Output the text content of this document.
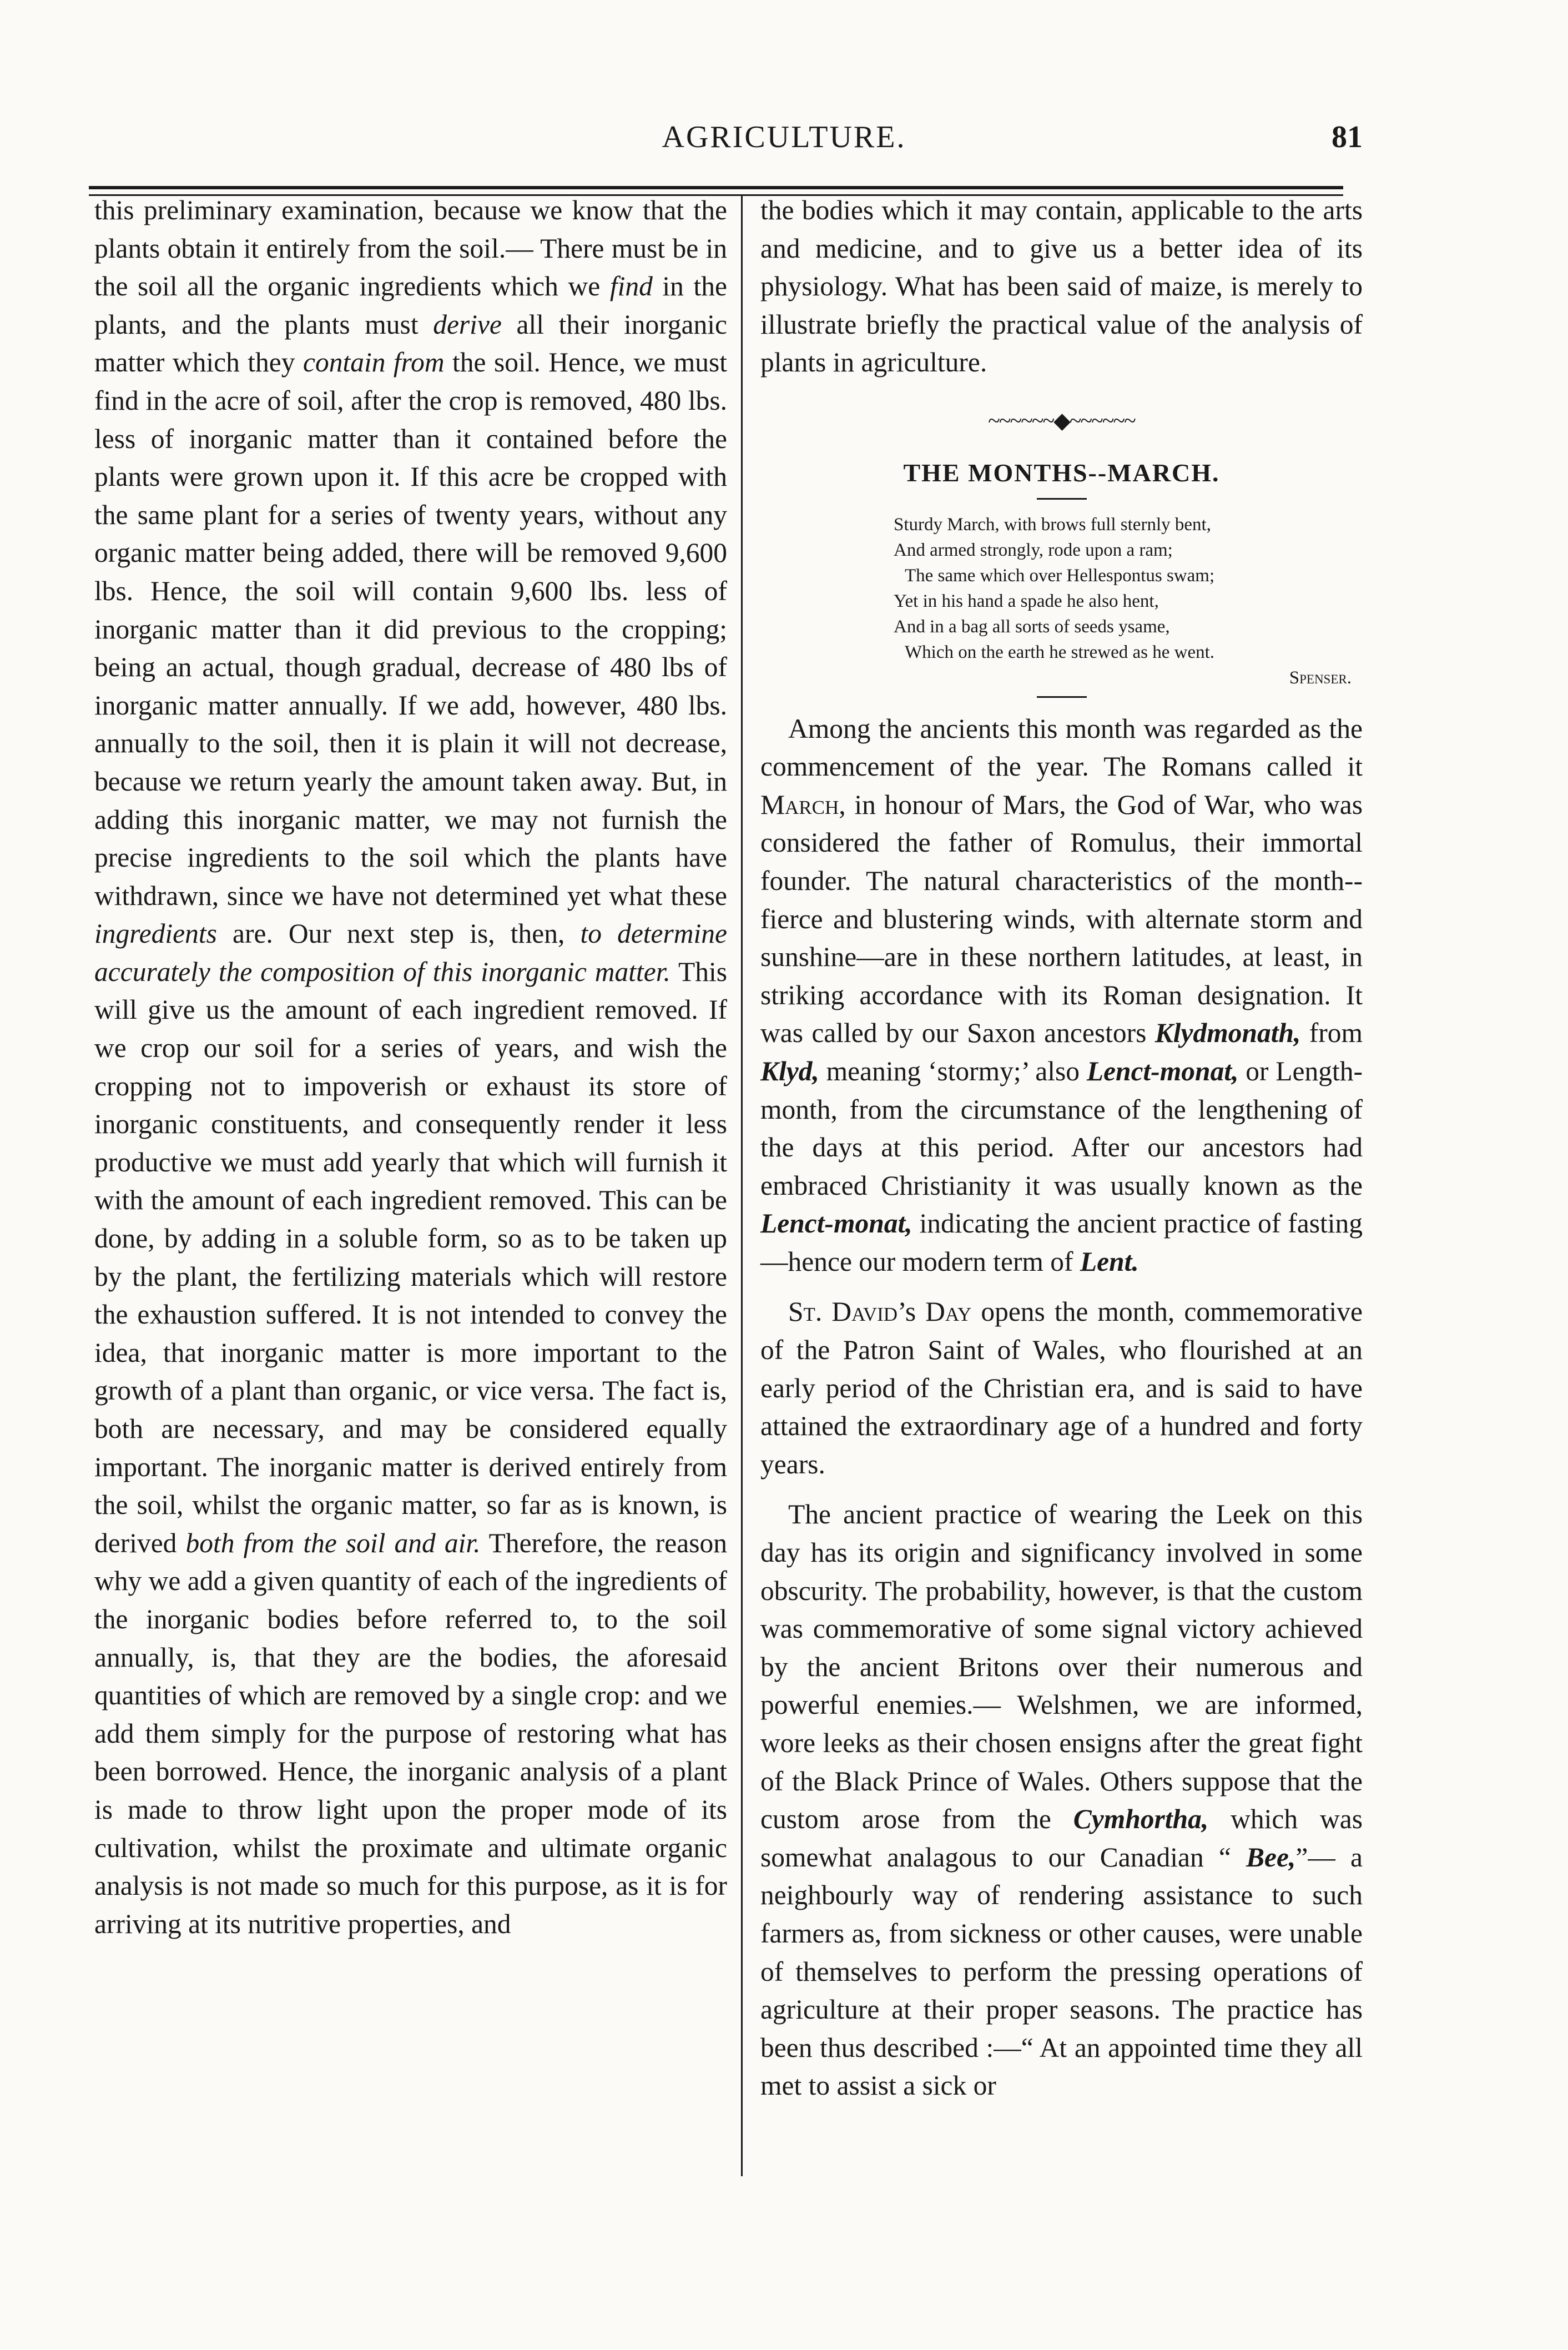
AGRICULTURE.	81

this preliminary examination, because we know that the plants obtain it entirely from the soil.— There must be in the soil all the organic ingredients which we find in the plants, and the plants must derive all their inorganic matter which they contain from the soil. Hence, we must find in the acre of soil, after the crop is removed, 480 lbs. less of inorganic matter than it contained before the plants were grown upon it. If this acre be cropped with the same plant for a series of twenty years, without any organic matter being added, there will be removed 9,600 lbs. Hence, the soil will contain 9,600 lbs. less of inorganic matter than it did previous to the cropping; being an actual, though gradual, decrease of 480 lbs of inorganic matter annually. If we add, however, 480 lbs. annually to the soil, then it is plain it will not decrease, because we return yearly the amount taken away. But, in adding this inorganic matter, we may not furnish the precise ingredients to the soil which the plants have withdrawn, since we have not determined yet what these ingredients are. Our next step is, then, to determine accurately the composition of this inorganic matter. This will give us the amount of each ingredient removed. If we crop our soil for a series of years, and wish the cropping not to impoverish or exhaust its store of inorganic constituents, and consequently render it less productive we must add yearly that which will furnish it with the amount of each ingredient removed. This can be done, by adding in a soluble form, so as to be taken up by the plant, the fertilizing materials which will restore the exhaustion suffered. It is not intended to convey the idea, that inorganic matter is more important to the growth of a plant than organic, or vice versa. The fact is, both are necessary, and may be considered equally important. The inorganic matter is derived entirely from the soil, whilst the organic matter, so far as is known, is derived both from the soil and air. Therefore, the reason why we add a given quantity of each of the ingredients of the inorganic bodies before referred to, to the soil annually, is, that they are the bodies, the aforesaid quantities of which are removed by a single crop: and we add them simply for the purpose of restoring what has been borrowed. Hence, the inorganic analysis of a plant is made to throw light upon the proper mode of its cultivation, whilst the proximate and ultimate organic analysis is not made so much for this purpose, as it is for arriving at its nutritive properties, and

the bodies which it may contain, applicable to the arts and medicine, and to give us a better idea of its physiology. What has been said of maize, is merely to illustrate briefly the practical value of the analysis of plants in agriculture.

~~~~~~◆~~~~~~
THE MONTHS--MARCH.
Sturdy March, with brows full sternly bent,
And armed strongly, rode upon a ram;
The same which over Hellespontus swam;
Yet in his hand a spade he also hent,
And in a bag all sorts of seeds ysame,
Which on the earth he strewed as he went.
Spenser.

Among the ancients this month was regarded as the commencement of the year. The Romans called it March, in honour of Mars, the God of War, who was considered the father of Romulus, their immortal founder. The natural characteristics of the month--fierce and blustering winds, with alternate storm and sunshine—are in these northern latitudes, at least, in striking accordance with its Roman designation. It was called by our Saxon ancestors Klydmonath, from Klyd, meaning ‘stormy;’ also Lenct-monat, or Length-month, from the circumstance of the lengthening of the days at this period. After our ancestors had embraced Christianity it was usually known as the Lenct-monat, indicating the ancient practice of fasting—hence our modern term of Lent.

St. David’s Day opens the month, commemorative of the Patron Saint of Wales, who flourished at an early period of the Christian era, and is said to have attained the extraordinary age of a hundred and forty years.

The ancient practice of wearing the Leek on this day has its origin and significancy involved in some obscurity. The probability, however, is that the custom was commemorative of some signal victory achieved by the ancient Britons over their numerous and powerful enemies.— Welshmen, we are informed, wore leeks as their chosen ensigns after the great fight of the Black Prince of Wales. Others suppose that the custom arose from the Cymhortha, which was somewhat analagous to our Canadian “ Bee,”— a neighbourly way of rendering assistance to such farmers as, from sickness or other causes, were unable of themselves to perform the pressing operations of agriculture at their proper seasons. The practice has been thus described :—“ At an appointed time they all met to assist a sick or
